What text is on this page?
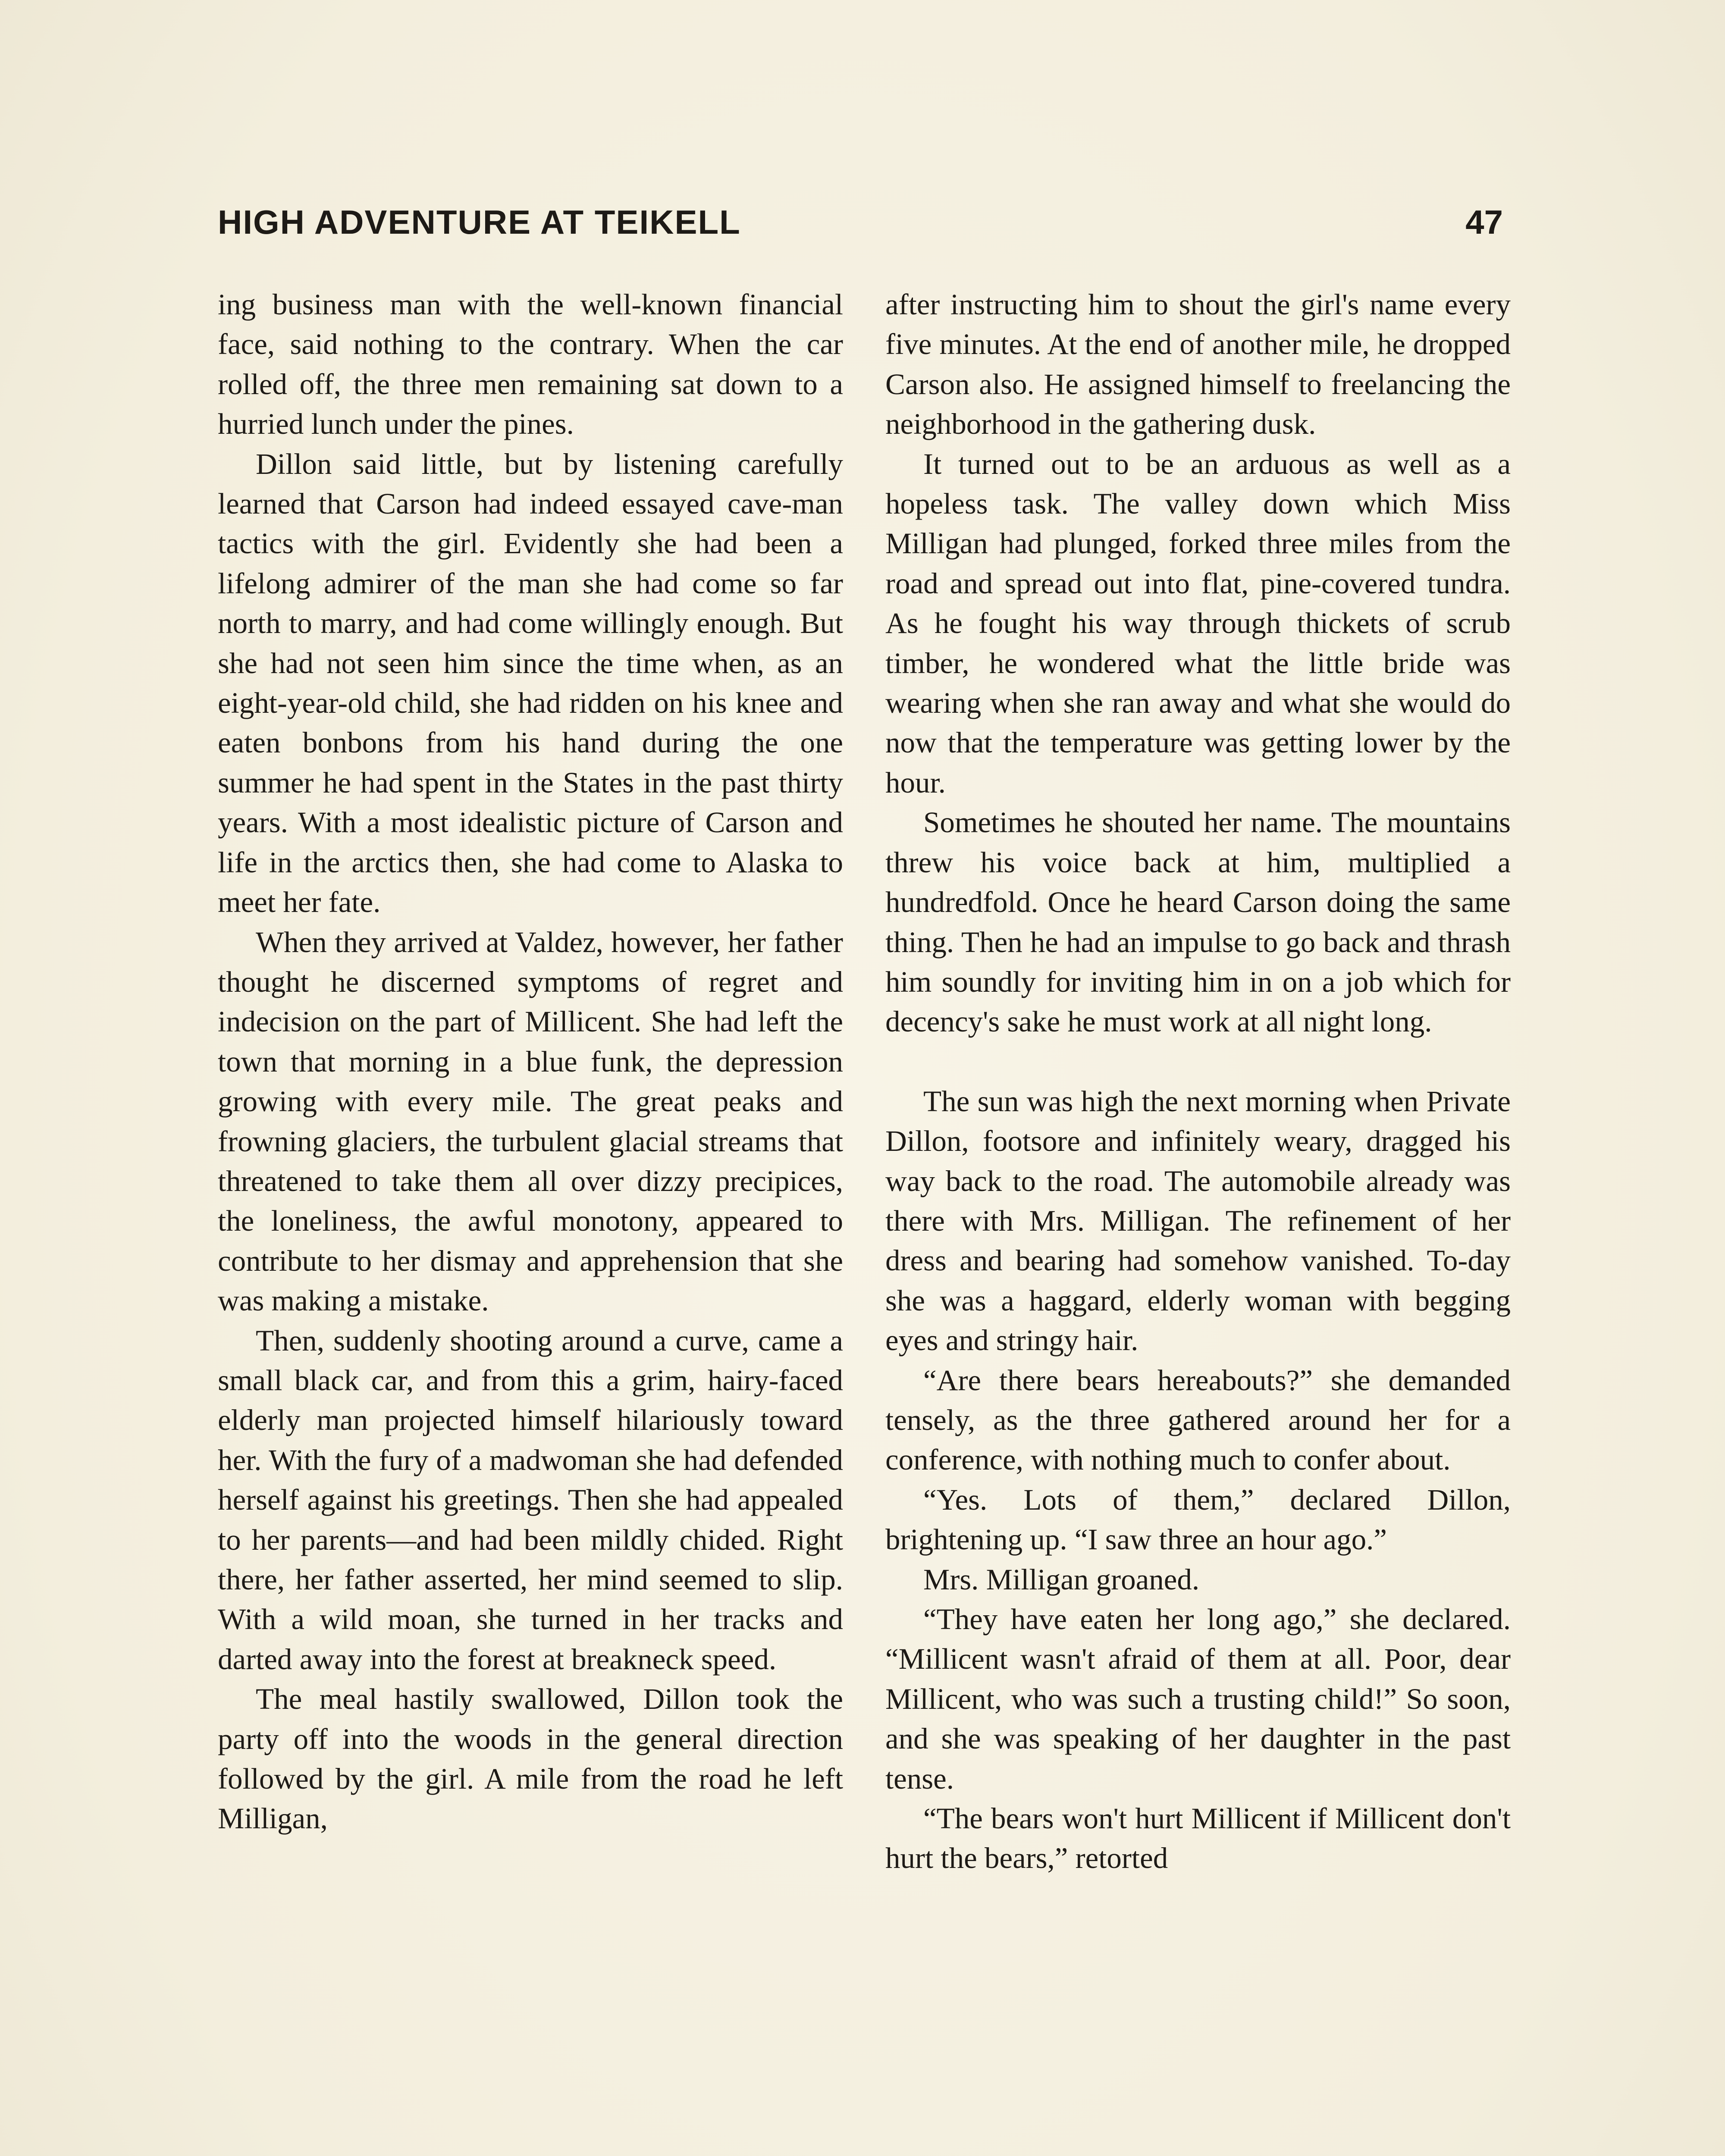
HIGH ADVENTURE AT TEIKELL	47

ing business man with the well-known financial face, said nothing to the contrary. When the car rolled off, the three men remaining sat down to a hurried lunch under the pines.

Dillon said little, but by listening carefully learned that Carson had indeed essayed cave-man tactics with the girl. Evidently she had been a lifelong admirer of the man she had come so far north to marry, and had come willingly enough. But she had not seen him since the time when, as an eight-year-old child, she had ridden on his knee and eaten bonbons from his hand during the one summer he had spent in the States in the past thirty years. With a most idealistic picture of Carson and life in the arctics then, she had come to Alaska to meet her fate.

When they arrived at Valdez, however, her father thought he discerned symptoms of regret and indecision on the part of Millicent. She had left the town that morning in a blue funk, the depression growing with every mile. The great peaks and frowning glaciers, the turbulent glacial streams that threatened to take them all over dizzy precipices, the loneliness, the awful monotony, appeared to contribute to her dismay and apprehension that she was making a mistake.

Then, suddenly shooting around a curve, came a small black car, and from this a grim, hairy-faced elderly man projected himself hilariously toward her. With the fury of a madwoman she had defended herself against his greetings. Then she had appealed to her parents—and had been mildly chided. Right there, her father asserted, her mind seemed to slip. With a wild moan, she turned in her tracks and darted away into the forest at breakneck speed.

The meal hastily swallowed, Dillon took the party off into the woods in the general direction followed by the girl. A mile from the road he left Milligan,

after instructing him to shout the girl's name every five minutes. At the end of another mile, he dropped Carson also. He assigned himself to freelancing the neighborhood in the gathering dusk.

It turned out to be an arduous as well as a hopeless task. The valley down which Miss Milligan had plunged, forked three miles from the road and spread out into flat, pine-covered tundra. As he fought his way through thickets of scrub timber, he wondered what the little bride was wearing when she ran away and what she would do now that the temperature was getting lower by the hour.

Sometimes he shouted her name. The mountains threw his voice back at him, multiplied a hundredfold. Once he heard Carson doing the same thing. Then he had an impulse to go back and thrash him soundly for inviting him in on a job which for decency's sake he must work at all night long.

The sun was high the next morning when Private Dillon, footsore and infinitely weary, dragged his way back to the road. The automobile already was there with Mrs. Milligan. The refinement of her dress and bearing had somehow vanished. To-day she was a haggard, elderly woman with begging eyes and stringy hair.

“Are there bears hereabouts?” she demanded tensely, as the three gathered around her for a conference, with nothing much to confer about.

“Yes. Lots of them,” declared Dillon, brightening up. “I saw three an hour ago.”

Mrs. Milligan groaned.

“They have eaten her long ago,” she declared. “Millicent wasn't afraid of them at all. Poor, dear Millicent, who was such a trusting child!” So soon, and she was speaking of her daughter in the past tense.

“The bears won't hurt Millicent if Millicent don't hurt the bears,” retorted
